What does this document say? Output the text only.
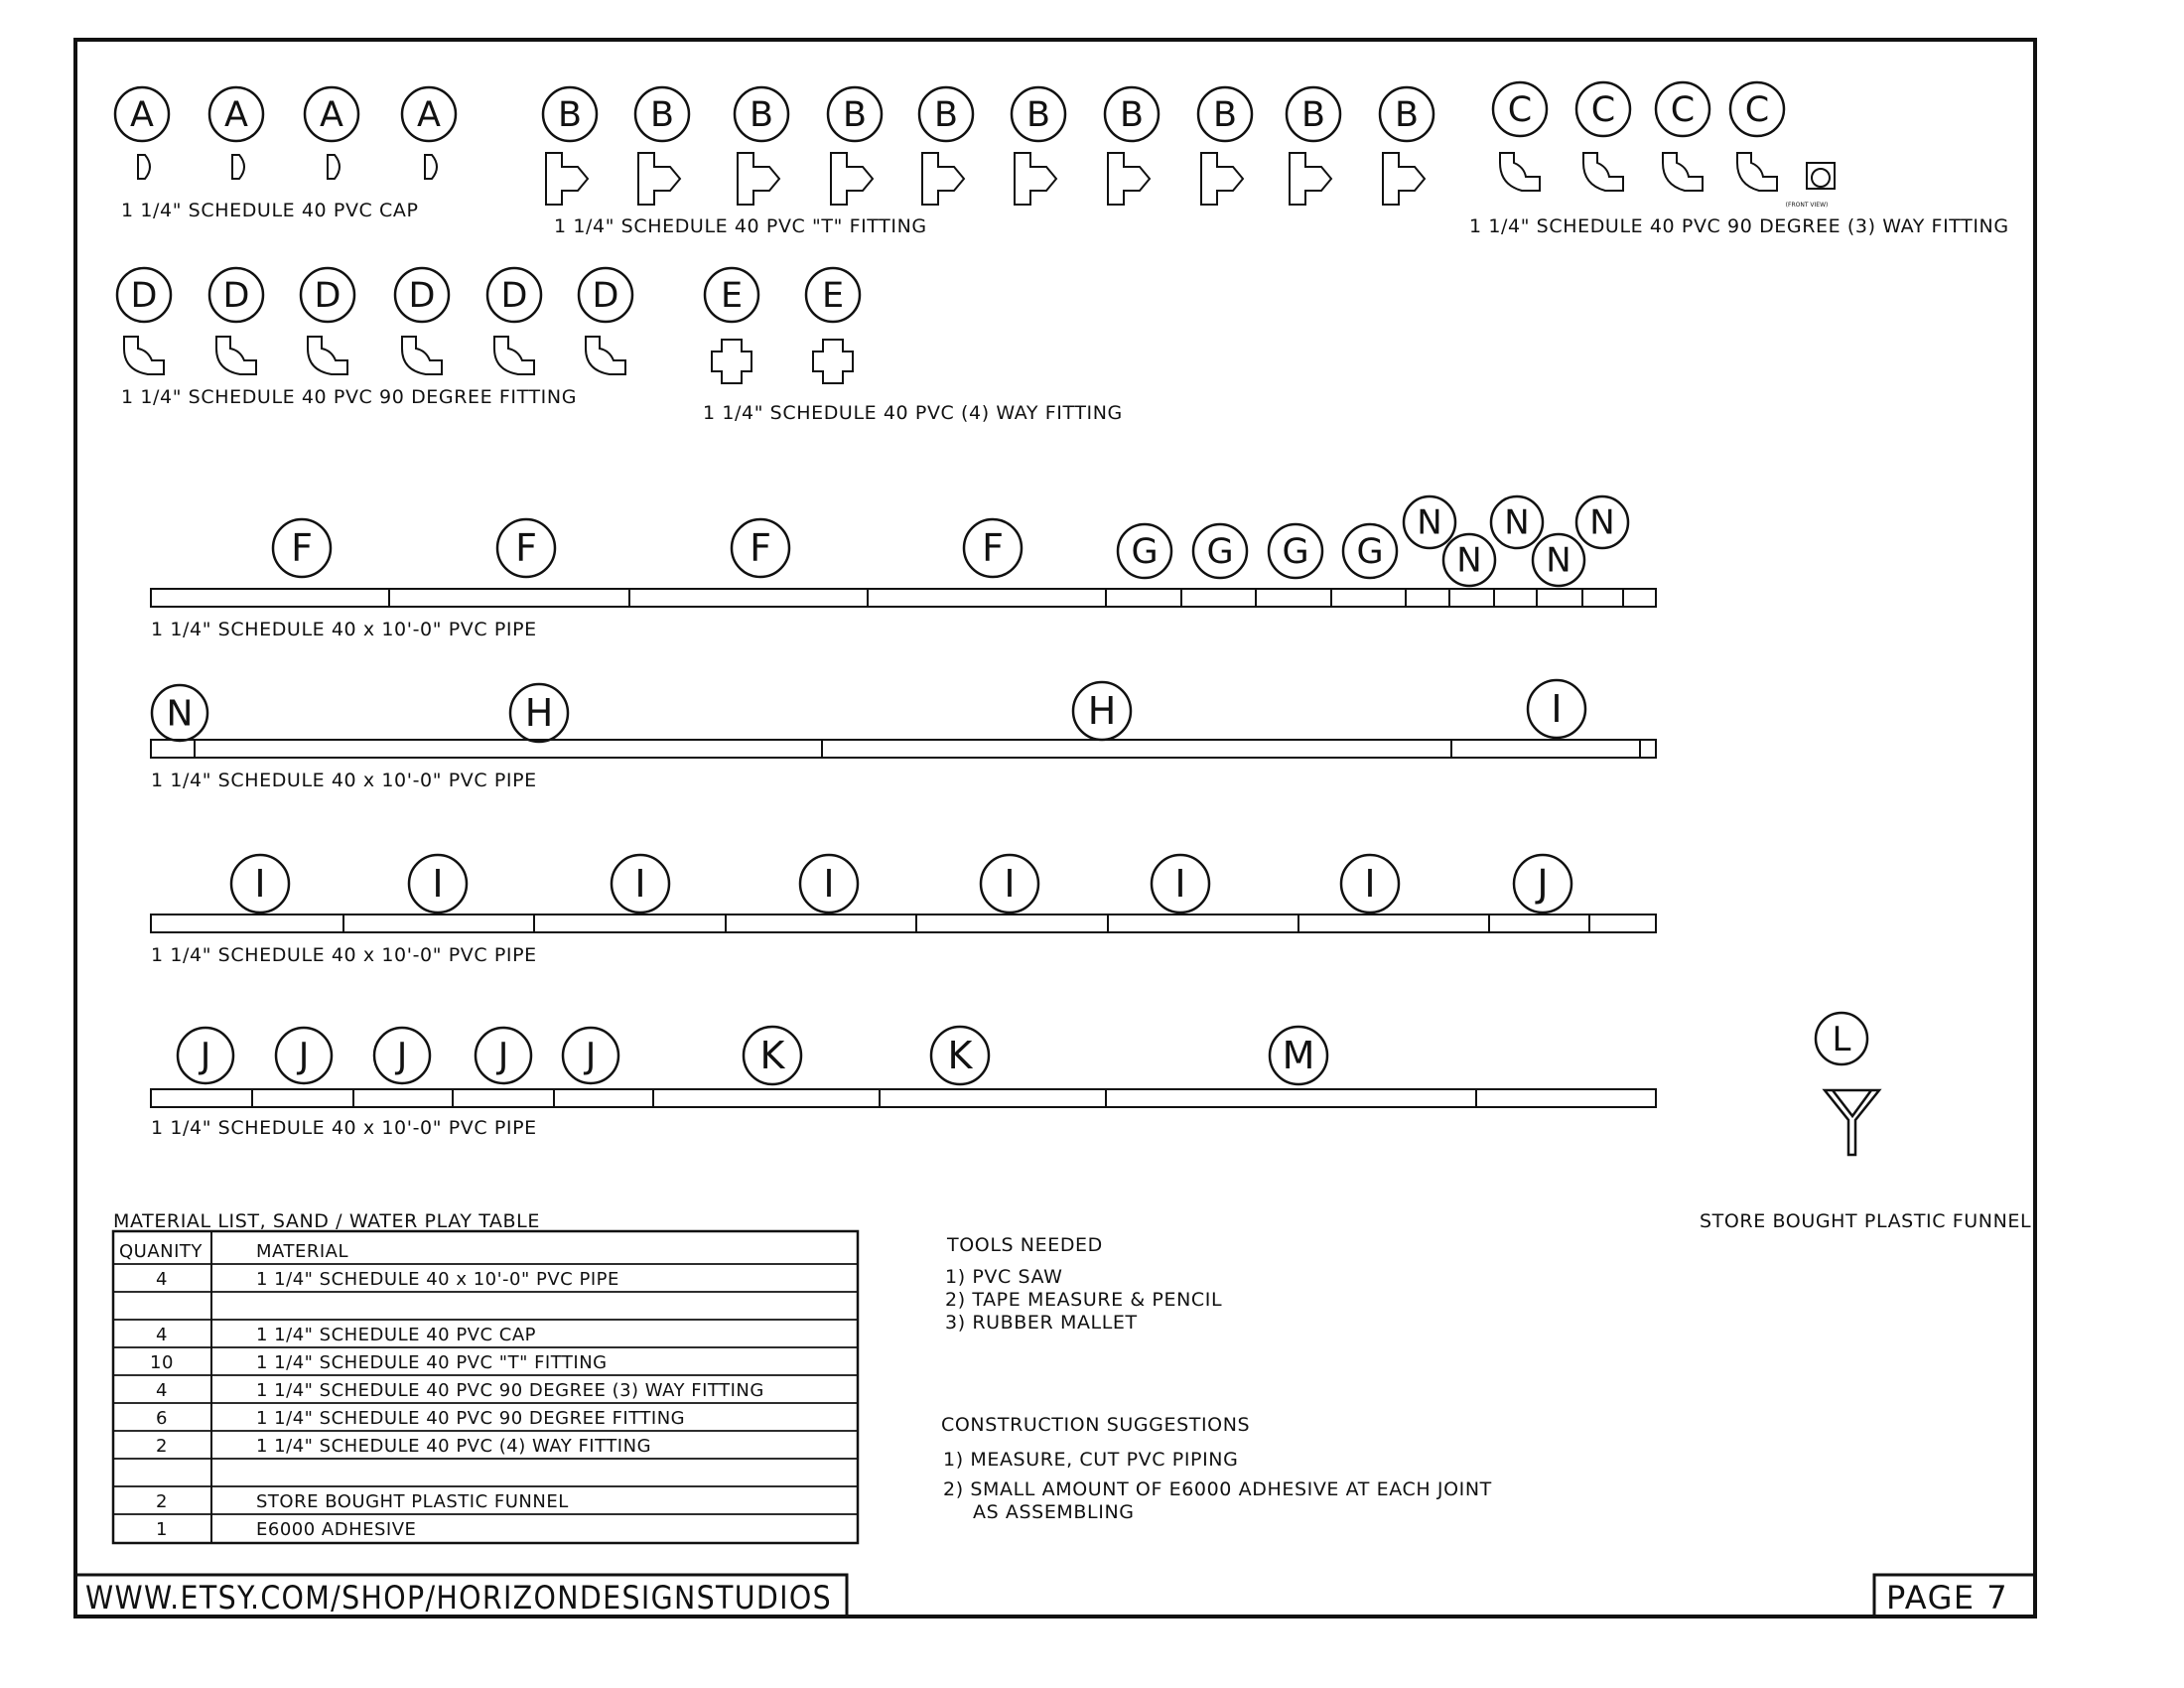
A A A A	B B B B B B B B B B	C C C C
D D D D D D	E E
F	F	F	F	G G G G
N
N
N
N
N
N	H	H	I
I	I	I	I	I	I	I	J
J J J	J J	K	K	M
1 1/4" SCHEDULE 40 PVC CAP
1 1/4" SCHEDULE 40 PVC "T" FITTING	1 1/4" SCHEDULE 40 PVC 90 DEGREE (3) WAY FITTING
1 1/4" SCHEDULE 40 PVC 90 DEGREE FITTING
1 1/4" SCHEDULE 40 PVC (4) WAY FITTING
(FRONT VIEW)
1 1/4" SCHEDULE 40 x 10'-0" PVC PIPE
1 1/4" SCHEDULE 40 x 10'-0" PVC PIPE
1 1/4" SCHEDULE 40 x 10'-0" PVC PIPE
1 1/4" SCHEDULE 40 x 10'-0" PVC PIPE
L
STORE BOUGHT PLASTIC FUNNEL
MATERIAL LIST, SAND / WATER PLAY TABLE
QUANITY	MATERIAL
4	1 1/4" SCHEDULE 40 x 10'-0" PVC PIPE
4	1 1/4" SCHEDULE 40 PVC CAP
10	1 1/4" SCHEDULE 40 PVC "T" FITTING
4	1 1/4" SCHEDULE 40 PVC 90 DEGREE (3) WAY FITTING
6	1 1/4" SCHEDULE 40 PVC 90 DEGREE FITTING
2	1 1/4" SCHEDULE 40 PVC (4) WAY FITTING
2	STORE BOUGHT PLASTIC FUNNEL
1	E6000 ADHESIVE
TOOLS NEEDED
1) PVC SAW
2) TAPE MEASURE & PENCIL
3) RUBBER MALLET
CONSTRUCTION SUGGESTIONS
1) MEASURE, CUT PVC PIPING
2) SMALL AMOUNT OF E6000 ADHESIVE AT EACH JOINT
AS ASSEMBLING
WWW.ETSY.COM/SHOP/HORIZONDESIGNSTUDIOS	PAGE 7
